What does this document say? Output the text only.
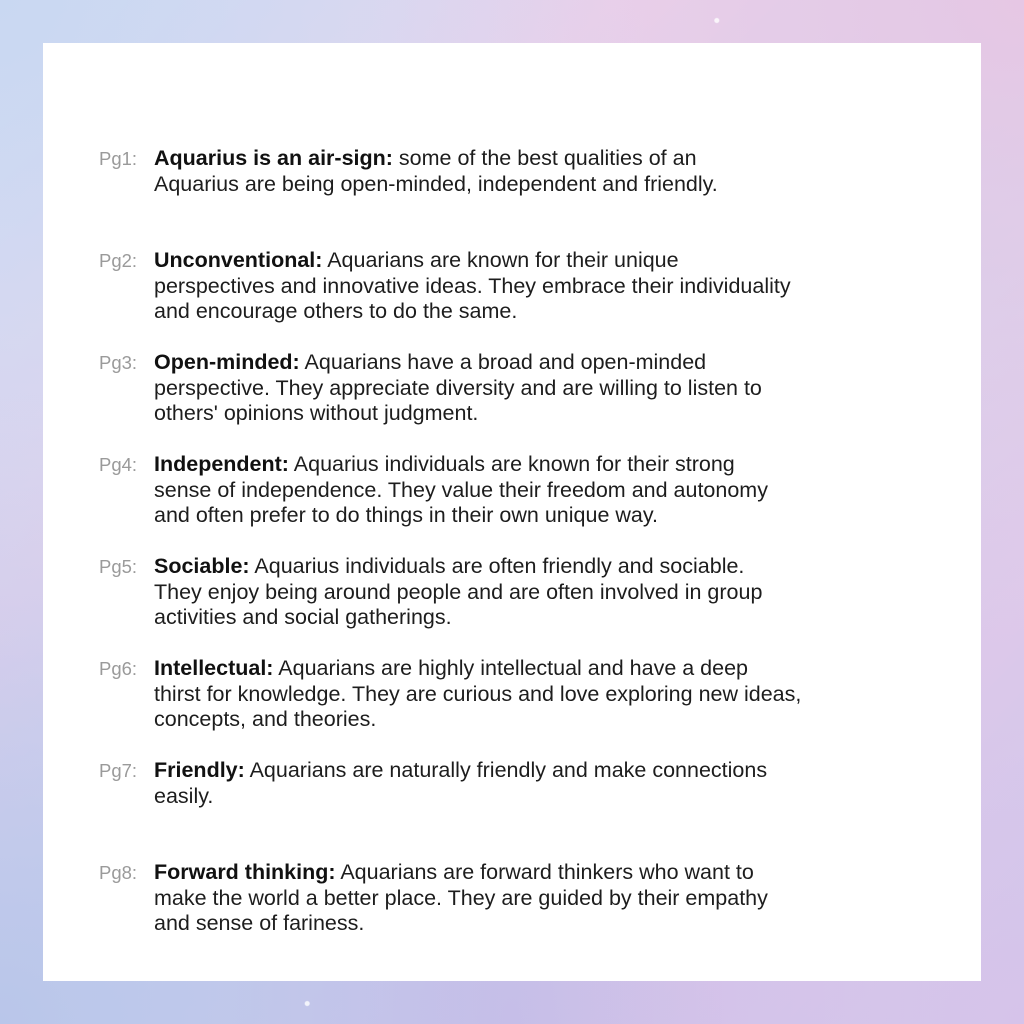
Pg1: Aquarius is an air-sign: some of the best qualities of an
Aquarius are being open-minded, independent and friendly.
Pg2: Unconventional: Aquarians are known for their unique
perspectives and innovative ideas. They embrace their individuality
and encourage others to do the same.
Pg3: Open-minded: Aquarians have a broad and open-minded
perspective. They appreciate diversity and are willing to listen to
others' opinions without judgment.
Pg4: Independent: Aquarius individuals are known for their strong
sense of independence. They value their freedom and autonomy
and often prefer to do things in their own unique way.
Pg5: Sociable: Aquarius individuals are often friendly and sociable.
They enjoy being around people and are often involved in group
activities and social gatherings.
Pg6: Intellectual: Aquarians are highly intellectual and have a deep
thirst for knowledge. They are curious and love exploring new ideas,
concepts, and theories.
Pg7: Friendly: Aquarians are naturally friendly and make connections
easily.
Pg8: Forward thinking: Aquarians are forward thinkers who want to
make the world a better place. They are guided by their empathy
and sense of fariness.
